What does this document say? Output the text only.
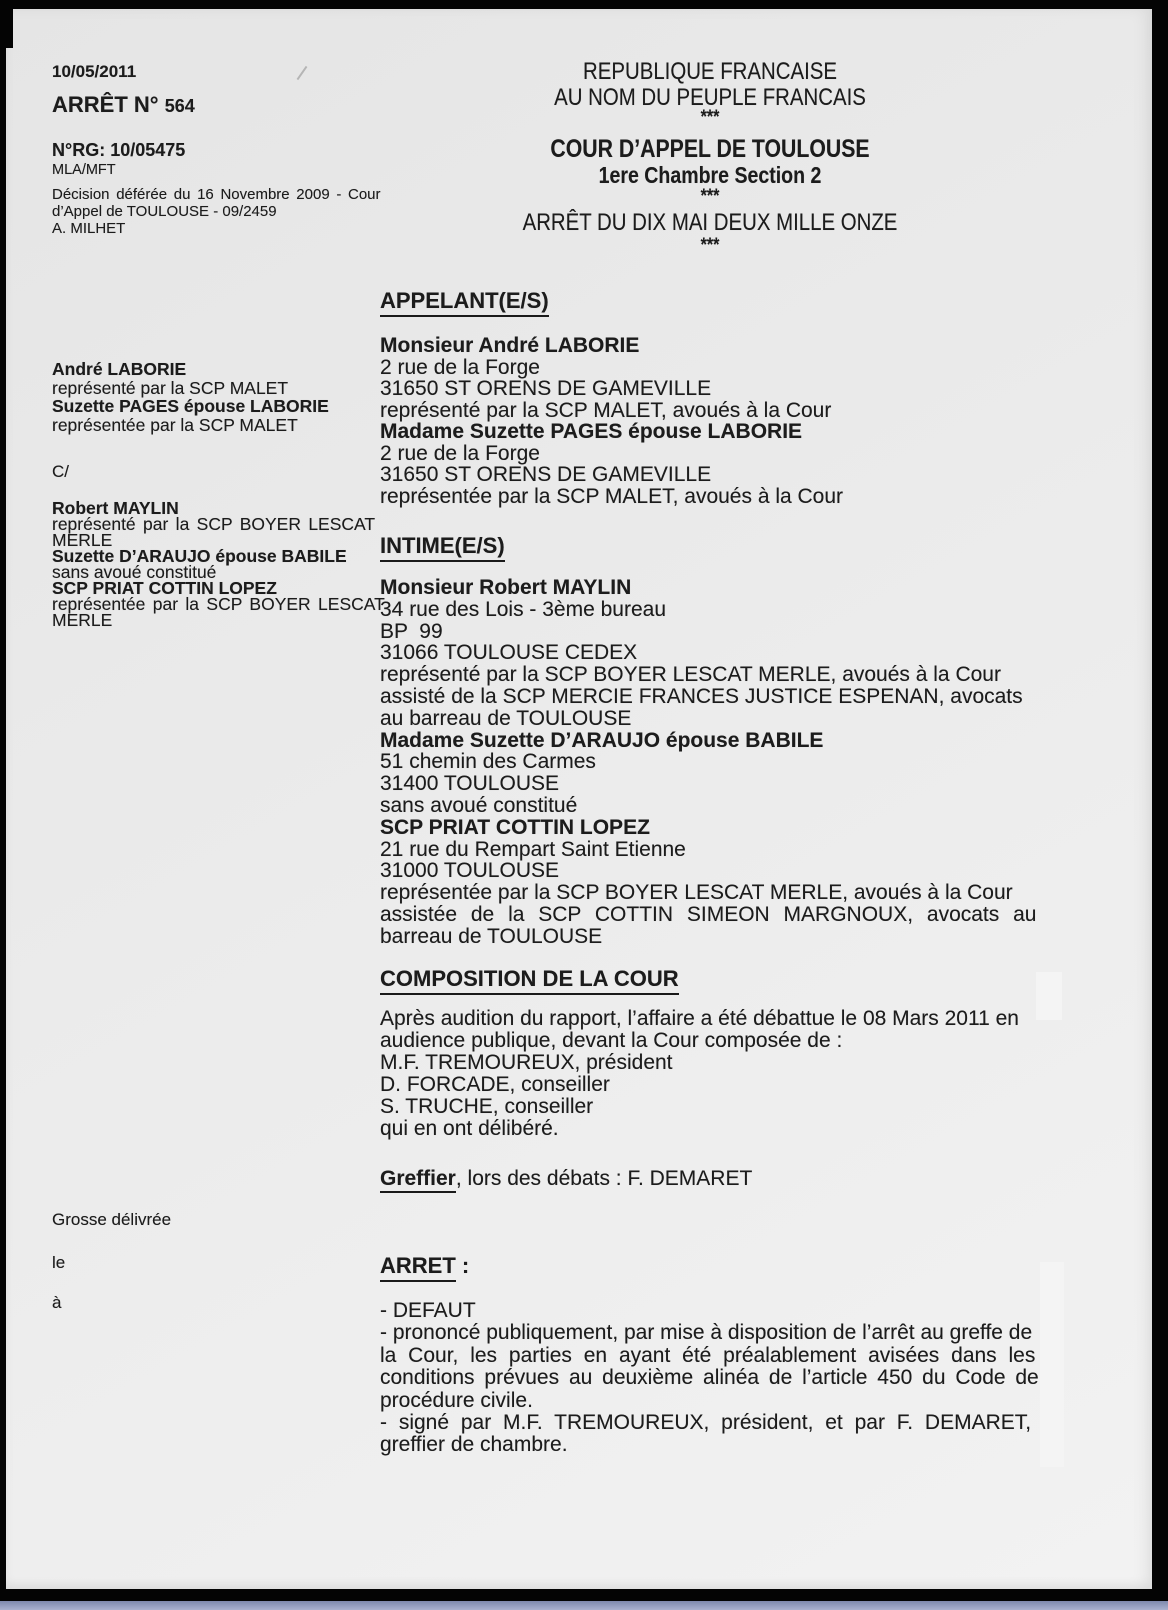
10/05/2011
ARRÊT N° 564
N°RG: 10/05475
MLA/MFT
Décision déférée du 16 Novembre 2009 - Cour
d’Appel de TOULOUSE - 09/2459
A. MILHET
REPUBLIQUE FRANCAISE
AU NOM DU PEUPLE FRANCAIS
***
COUR D’APPEL DE TOULOUSE
1ere Chambre Section 2
***
ARRÊT DU DIX MAI DEUX MILLE ONZE
***
André LABORIE
représenté par la SCP MALET
Suzette PAGES épouse LABORIE
représentée par la SCP MALET
C/
Robert MAYLIN
représenté par la SCP BOYER LESCAT
MERLE
Suzette D’ARAUJO épouse BABILE
sans avoué constitué
SCP PRIAT COTTIN LOPEZ
représentée par la SCP BOYER LESCAT
MERLE
Grosse délivrée
le
à
APPELANT(E/S)
Monsieur André LABORIE
2 rue de la Forge
31650 ST ORENS DE GAMEVILLE
représenté par la SCP MALET, avoués à la Cour
Madame Suzette PAGES épouse LABORIE
2 rue de la Forge
31650 ST ORENS DE GAMEVILLE
représentée par la SCP MALET, avoués à la Cour
INTIME(E/S)
Monsieur Robert MAYLIN
34 rue des Lois - 3ème bureau
BP  99
31066 TOULOUSE CEDEX
représenté par la SCP BOYER LESCAT MERLE, avoués à la Cour
assisté de la SCP MERCIE FRANCES JUSTICE ESPENAN, avocats
au barreau de TOULOUSE
Madame Suzette D’ARAUJO épouse BABILE
51 chemin des Carmes
31400 TOULOUSE
sans avoué constitué
SCP PRIAT COTTIN LOPEZ
21 rue du Rempart Saint Etienne
31000 TOULOUSE
représentée par la SCP BOYER LESCAT MERLE, avoués à la Cour
assistée de la SCP COTTIN SIMEON MARGNOUX, avocats au
barreau de TOULOUSE
COMPOSITION DE LA COUR
Après audition du rapport, l’affaire a été débattue le 08 Mars 2011 en
audience publique, devant la Cour composée de :
M.F. TREMOUREUX, président
D. FORCADE, conseiller
S. TRUCHE, conseiller
qui en ont délibéré.
Greffier, lors des débats : F. DEMARET
ARRET :
- DEFAUT
- prononcé publiquement, par mise à disposition de l’arrêt au greffe de
la Cour, les parties en ayant été préalablement avisées dans les
conditions prévues au deuxième alinéa de l’article 450 du Code de
procédure civile.
- signé par M.F. TREMOUREUX, président, et par F. DEMARET,
greffier de chambre.
